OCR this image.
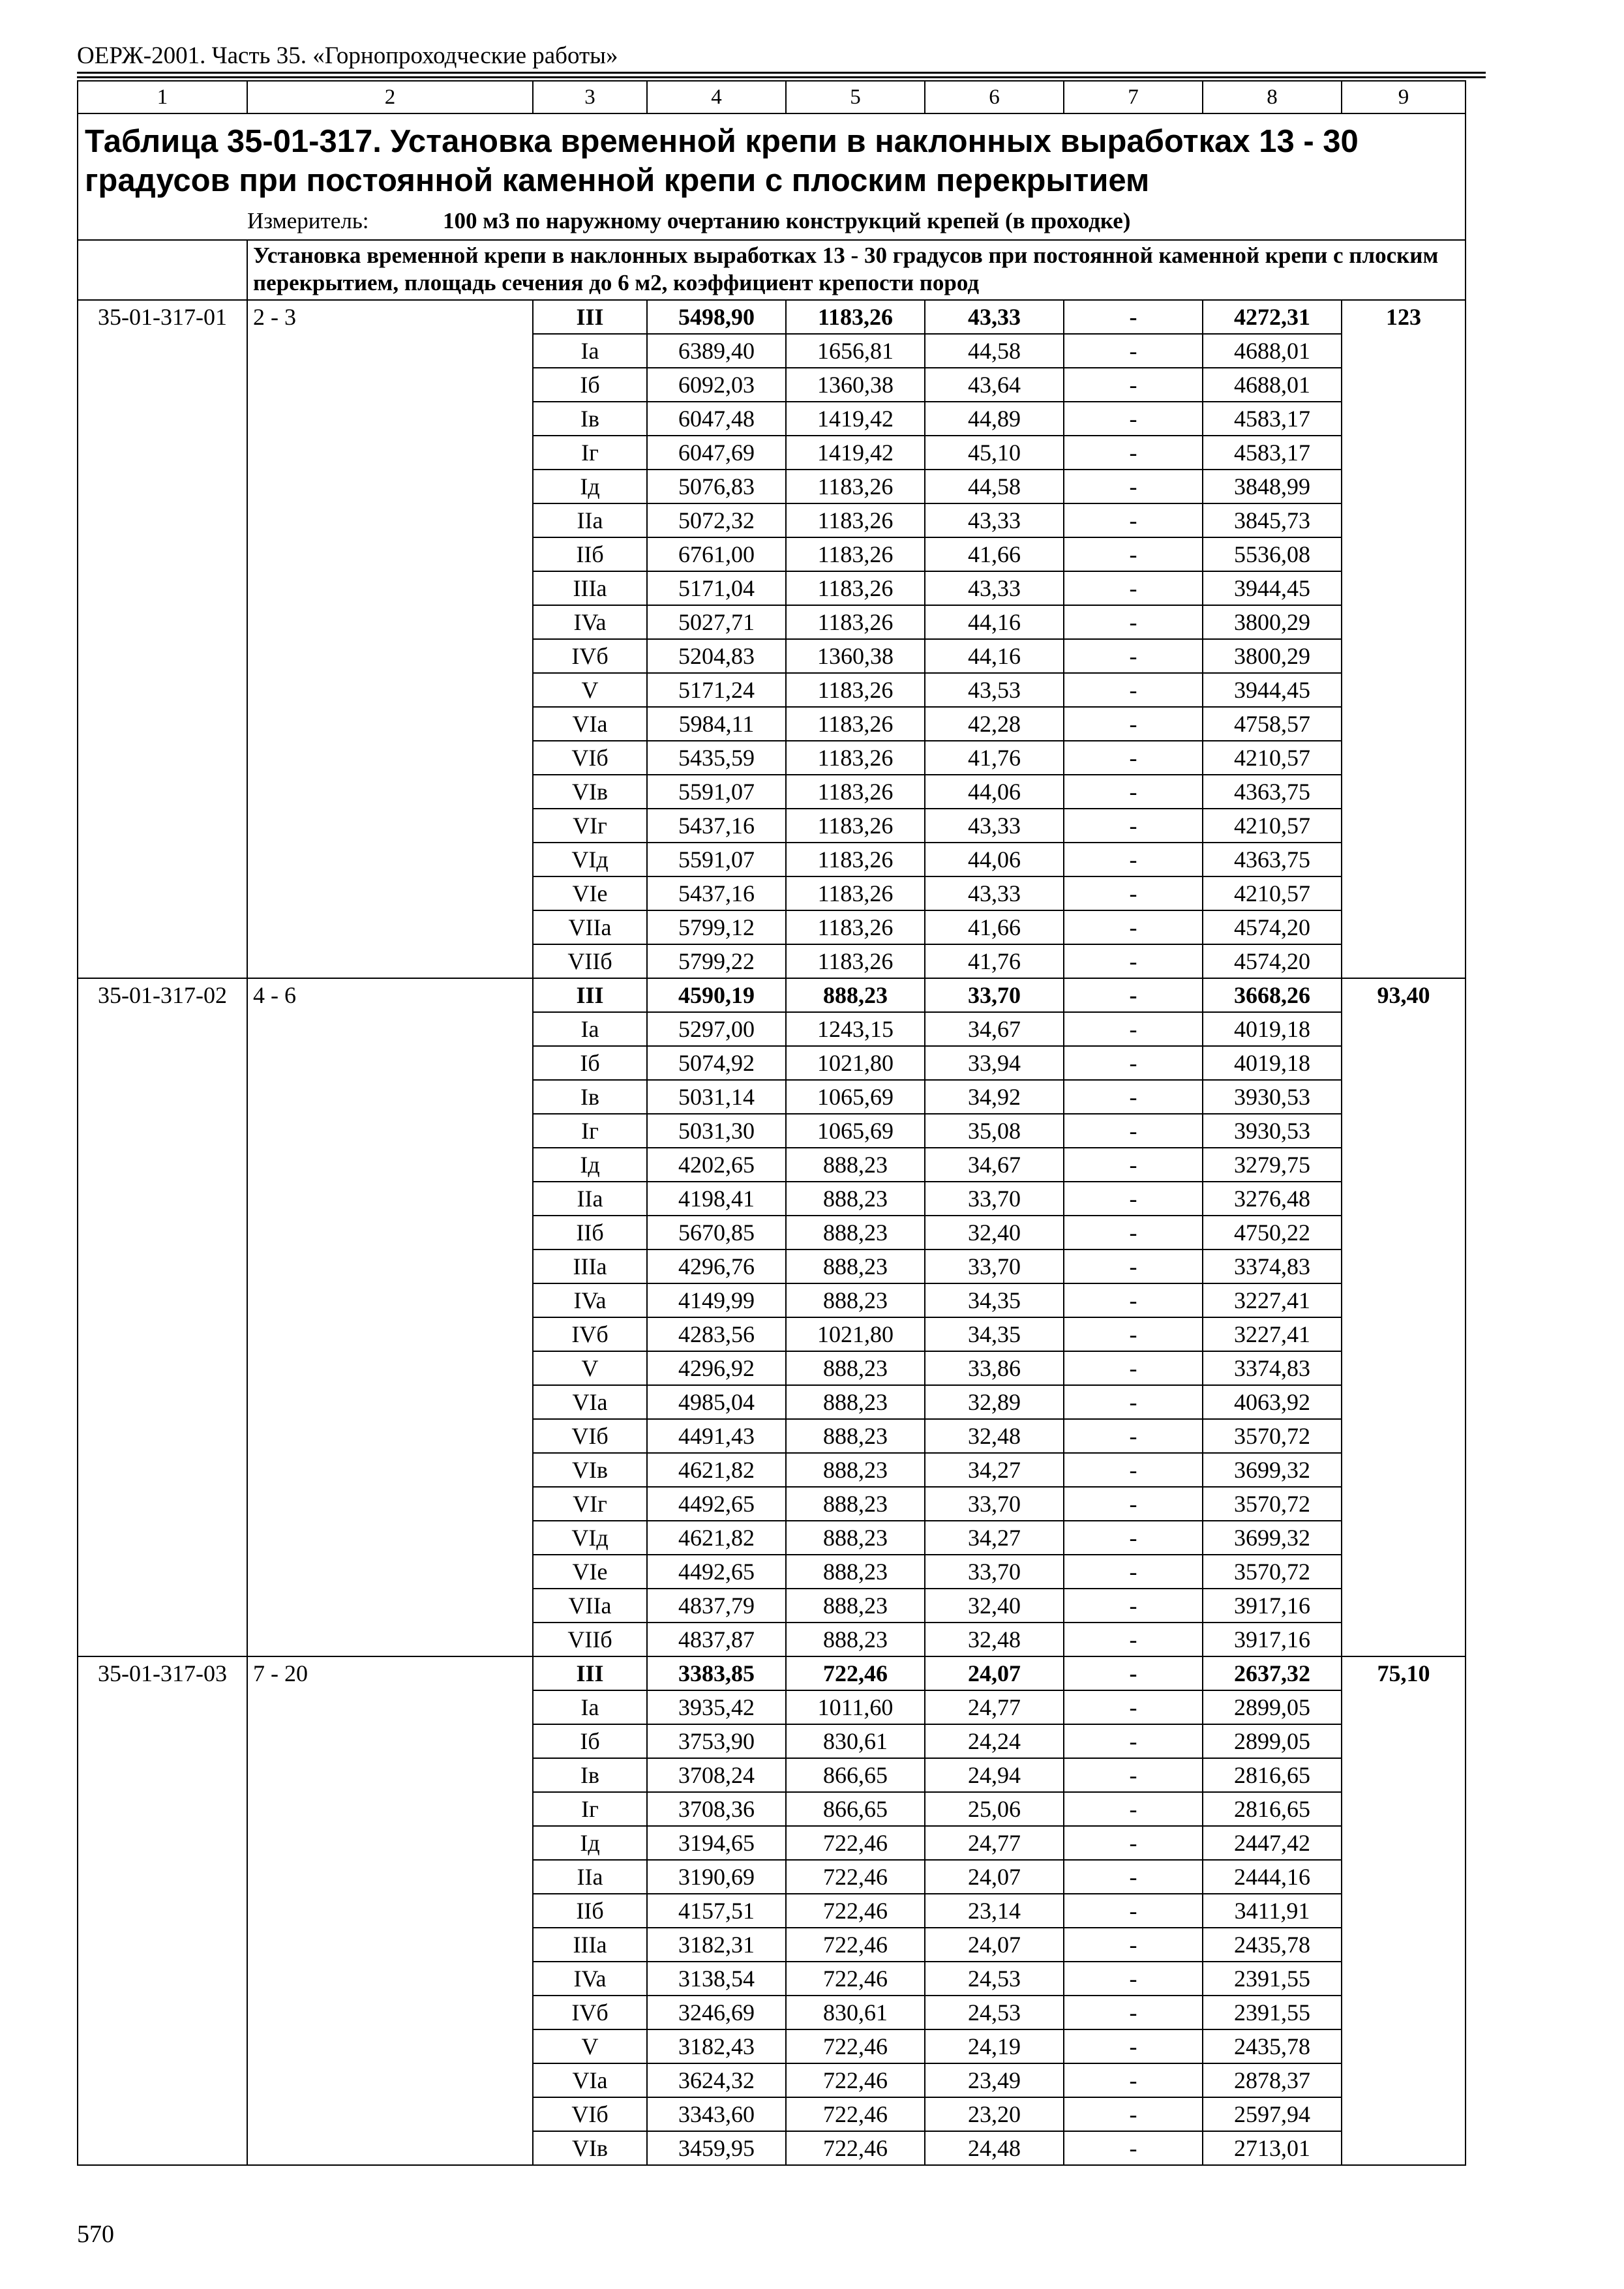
ОЕРЖ-2001. Часть 35. «Горнопроходческие работы»
1	2	3	4	5	6	7	8	9
Таблица 35-01-317. Установка временной крепи в наклонных выработках 13 - 30 градусов при постоянной каменной крепи с плоским перекрытием								
	Измеритель: 100 м3 по наружному очертанию конструкций крепей (в проходке)							
	Установка временной крепи в наклонных выработках 13 - 30 градусов при постоянной каменной крепи с плоским перекрытием, площадь сечения до 6 м2, коэффициент крепости пород							
35-01-317-01	2 - 3	III	5498,90	1183,26	43,33	-	4272,31	123
		Ia	6389,40	1656,81	44,58	-	4688,01	
		Iб	6092,03	1360,38	43,64	-	4688,01	
		Iв	6047,48	1419,42	44,89	-	4583,17	
		Iг	6047,69	1419,42	45,10	-	4583,17	
		Iд	5076,83	1183,26	44,58	-	3848,99	
		IIa	5072,32	1183,26	43,33	-	3845,73	
		IIб	6761,00	1183,26	41,66	-	5536,08	
		IIIa	5171,04	1183,26	43,33	-	3944,45	
		IVa	5027,71	1183,26	44,16	-	3800,29	
		IVб	5204,83	1360,38	44,16	-	3800,29	
		V	5171,24	1183,26	43,53	-	3944,45	
		VIa	5984,11	1183,26	42,28	-	4758,57	
		VIб	5435,59	1183,26	41,76	-	4210,57	
		VIв	5591,07	1183,26	44,06	-	4363,75	
		VIг	5437,16	1183,26	43,33	-	4210,57	
		VIд	5591,07	1183,26	44,06	-	4363,75	
		VIe	5437,16	1183,26	43,33	-	4210,57	
		VIIa	5799,12	1183,26	41,66	-	4574,20	
		VIIб	5799,22	1183,26	41,76	-	4574,20	
35-01-317-02	4 - 6	III	4590,19	888,23	33,70	-	3668,26	93,40
		Ia	5297,00	1243,15	34,67	-	4019,18	
		Iб	5074,92	1021,80	33,94	-	4019,18	
		Iв	5031,14	1065,69	34,92	-	3930,53	
		Iг	5031,30	1065,69	35,08	-	3930,53	
		Iд	4202,65	888,23	34,67	-	3279,75	
		IIa	4198,41	888,23	33,70	-	3276,48	
		IIб	5670,85	888,23	32,40	-	4750,22	
		IIIa	4296,76	888,23	33,70	-	3374,83	
		IVa	4149,99	888,23	34,35	-	3227,41	
		IVб	4283,56	1021,80	34,35	-	3227,41	
		V	4296,92	888,23	33,86	-	3374,83	
		VIa	4985,04	888,23	32,89	-	4063,92	
		VIб	4491,43	888,23	32,48	-	3570,72	
		VIв	4621,82	888,23	34,27	-	3699,32	
		VIг	4492,65	888,23	33,70	-	3570,72	
		VIд	4621,82	888,23	34,27	-	3699,32	
		VIe	4492,65	888,23	33,70	-	3570,72	
		VIIa	4837,79	888,23	32,40	-	3917,16	
		VIIб	4837,87	888,23	32,48	-	3917,16	
35-01-317-03	7 - 20	III	3383,85	722,46	24,07	-	2637,32	75,10
		Ia	3935,42	1011,60	24,77	-	2899,05	
		Iб	3753,90	830,61	24,24	-	2899,05	
		Iв	3708,24	866,65	24,94	-	2816,65	
		Iг	3708,36	866,65	25,06	-	2816,65	
		Iд	3194,65	722,46	24,77	-	2447,42	
		IIa	3190,69	722,46	24,07	-	2444,16	
		IIб	4157,51	722,46	23,14	-	3411,91	
		IIIa	3182,31	722,46	24,07	-	2435,78	
		IVa	3138,54	722,46	24,53	-	2391,55	
		IVб	3246,69	830,61	24,53	-	2391,55	
		V	3182,43	722,46	24,19	-	2435,78	
		VIa	3624,32	722,46	23,49	-	2878,37	
		VIб	3343,60	722,46	23,20	-	2597,94	
		VIв	3459,95	722,46	24,48	-	2713,01	
570
